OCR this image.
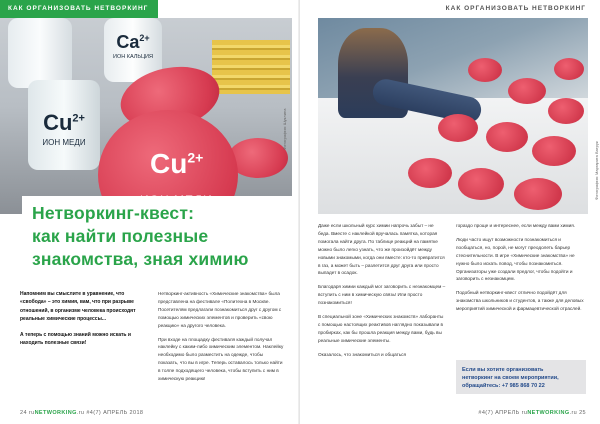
КАК ОРГАНИЗОВАТЬ НЕТВОРКИНГ
$Ca^{2+}$
ИОН КАЛЬЦИЯ
$Cu^{2+}$
ИОН МЕДИ
$Cu^{2+}$
Фотография: Шуклина
Нетворкинг-квест:
как найти полезные
знакомства, зная химию

Напомним вы смыслите в уравнение, что «свобода» – это химия, вам, что при разрыве отношений, в организме человека происходят реальные химические процессы...

А теперь с помощью знаний можно искать и находить полезные связи!

Нетворкинг-активность «Химические знакомства» была представлена на фестивале «Политехна в Москве. Посетителям предлагали познакомиться друг с другом с помощью химических элементов и проверить «свою реакцию» на другого человека.

При входе на площадку фестиваля каждый получал наклейку с каким-либо химическим элементом. Наклейку необходимо было разместить на одежде, чтобы показать, что вы в игре. Теперь оставалось только найти в толпе подходящего человека, чтобы вступить с ним в химическую реакцию!

24 ruNETWORKING.ru #4(7) АПРЕЛЬ 2018
КАК ОРГАНИЗОВАТЬ НЕТВОРКИНГ
Фотография: Маргарита Ватрук

Даже если школьный курс химии напрочь забыт – не беда. Вместе с наклейкой вручалась памятка, которая помогала найти друга. По таблице реакций на памятке можно было легко узнать, что же произойдёт между новыми знакомыми, когда они вместе: кто-то превратится в газ, а может быть – разлетится друг друга или просто выпадет в осадок.

Благодаря химии каждый мог заговорить с незнакомцем – вступить с ним в химическую связь! Или просто познакомиться!

В специальной зоне «Химических знакомств» лаборанты с помощью настоящих реактивов наглядно показывали в пробирках, как бы прошла реакция между вами, будь вы реальные химические элементы.

Оказалось, что знакомиться и общаться

гораздо проще и интереснее, если между вами химия.

Люди часто ищут возможности познакомиться и пообщаться, но, порой, не могут преодолеть барьер стеснительности. В игре «Химические знакомства» не нужно было искать повод, чтобы познакомиться. Организаторы уже создали предлог, чтобы подойти и заговорить с незнакомцем.

Подобный нетворкинг-квест отлично подойдёт для знакомства школьников и студентов, а также для деловых мероприятий химической и фармацевтической отраслей.

Если вы хотите организовать
нетворкинг на своем мероприятии,
обращайтесь: +7 985 868 70 22
#4(7) АПРЕЛЬ ruNETWORKING.ru 25
